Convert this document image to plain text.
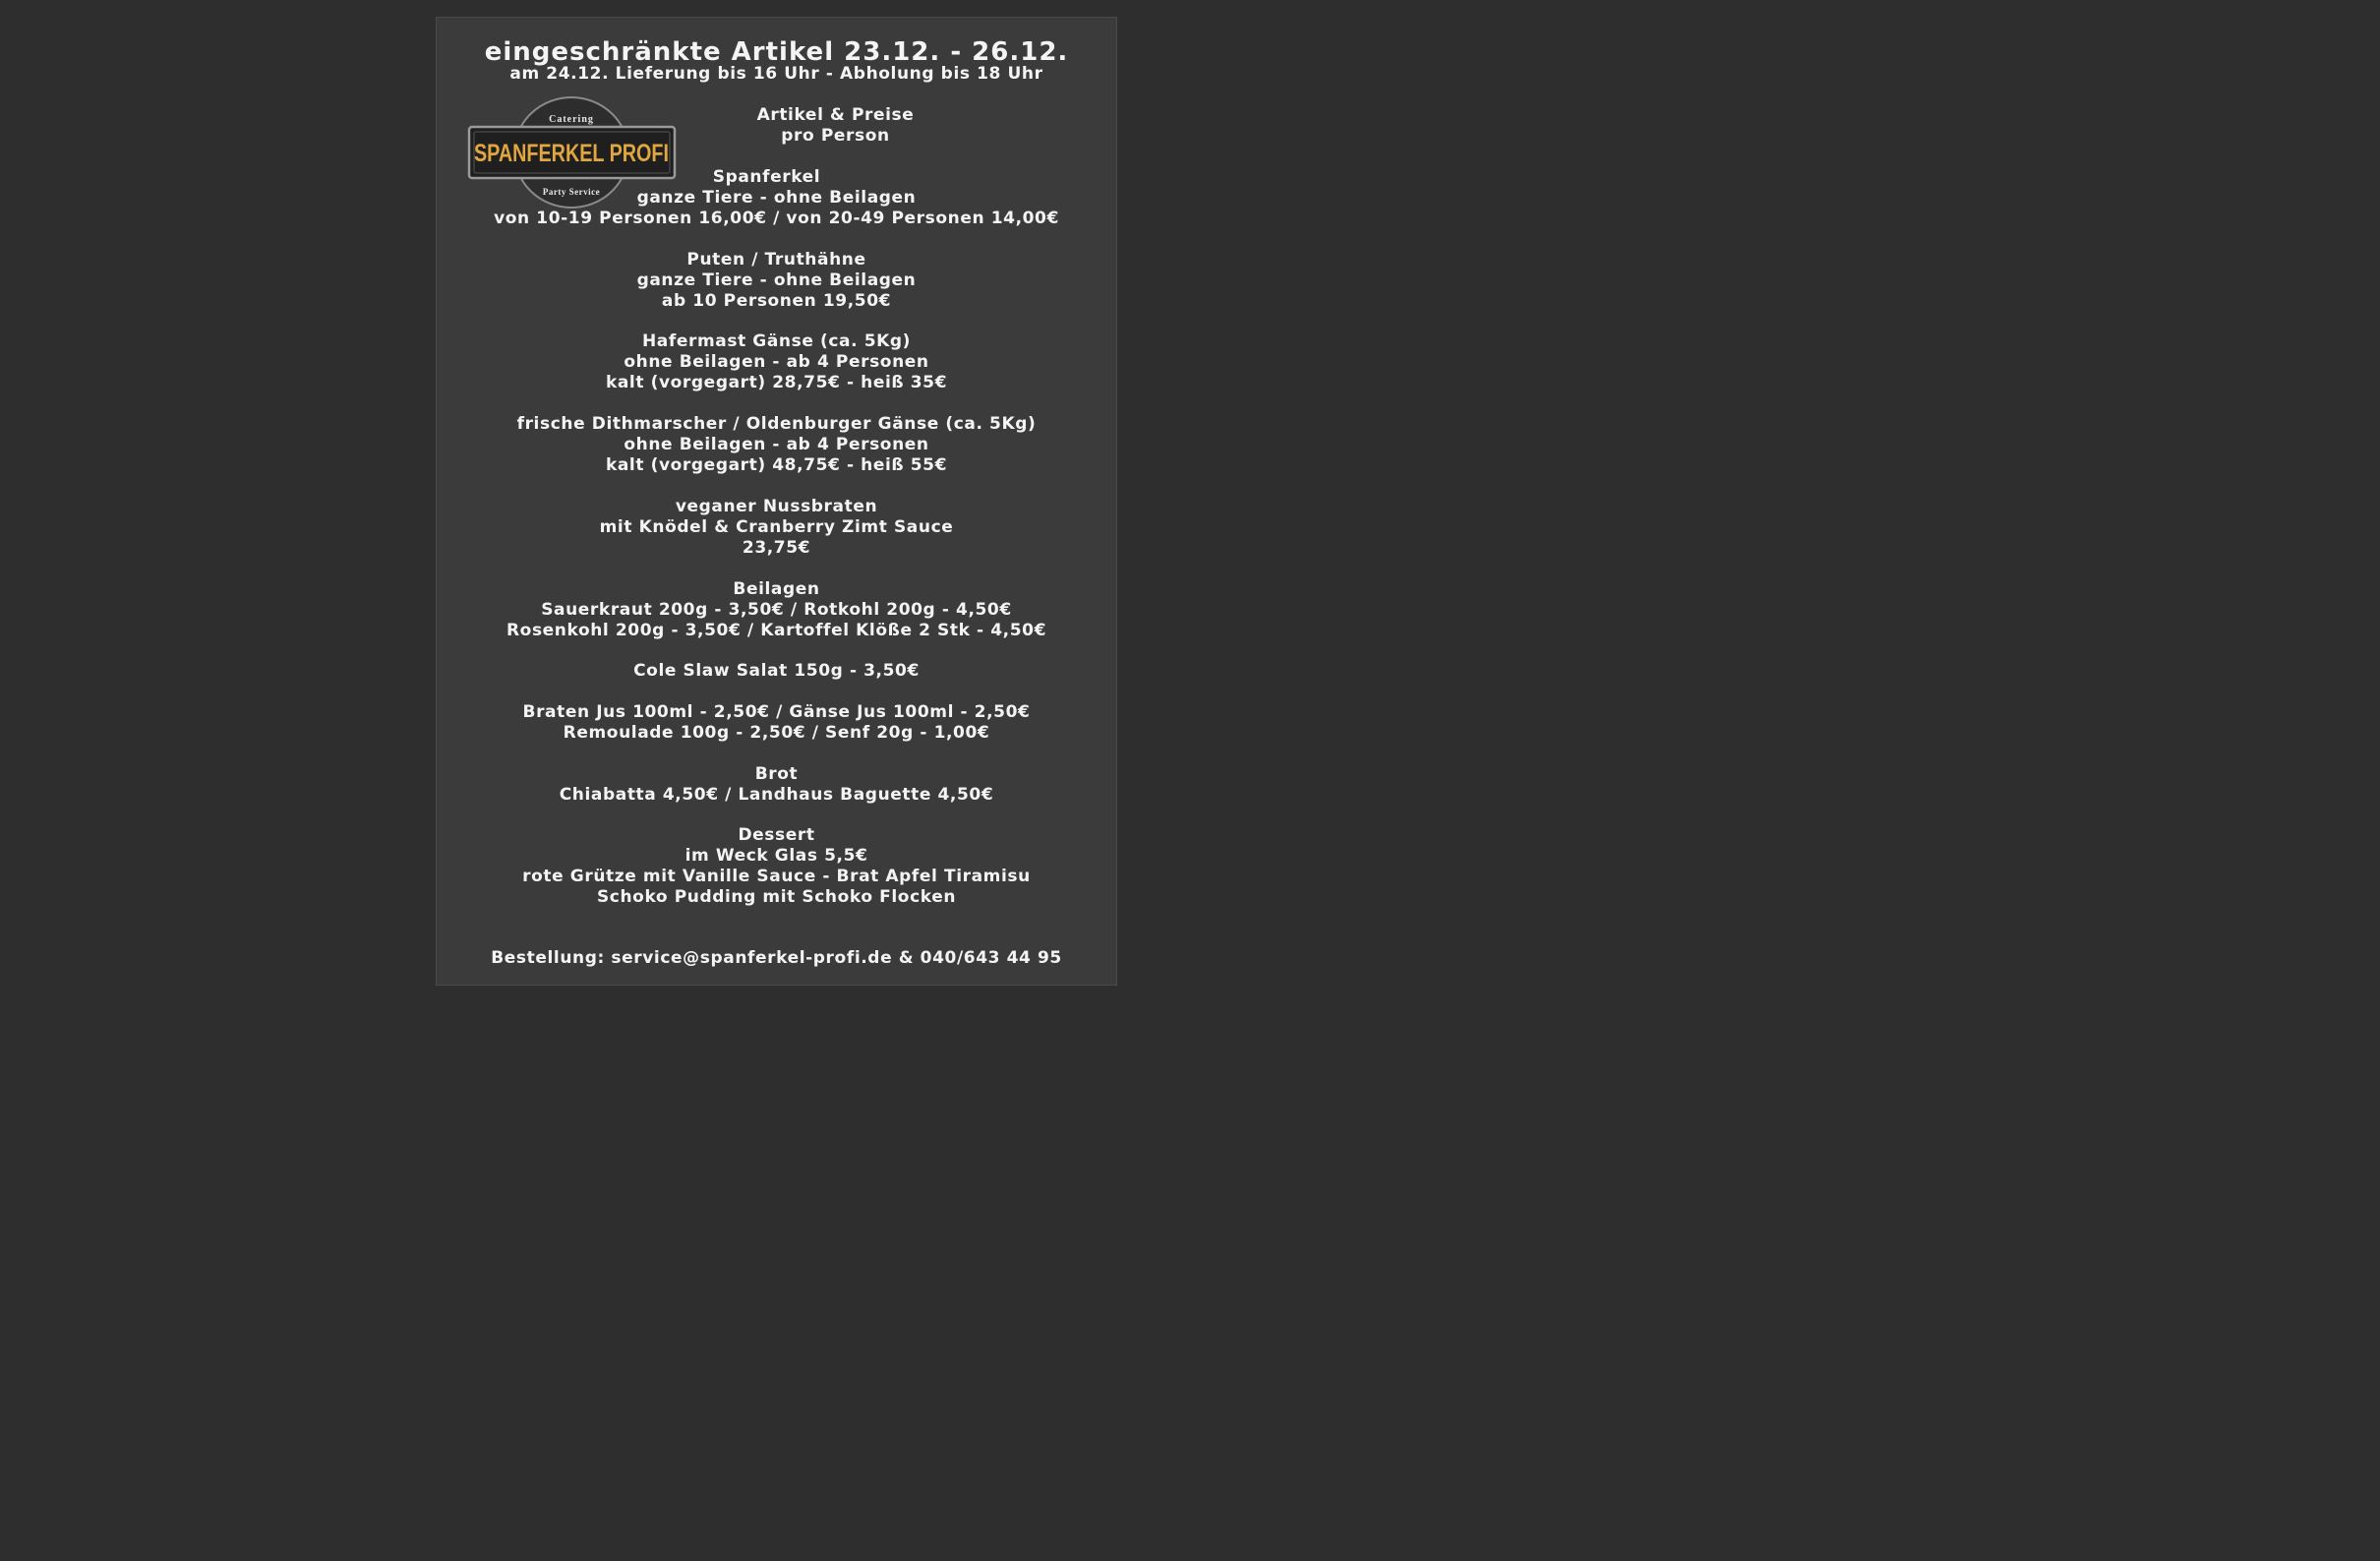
eingeschränkte Artikel 23.12. - 26.12.
am 24.12. Lieferung bis 16 Uhr - Abholung bis 18 Uhr
Catering
SPANFERKEL PROFI
Party Service
Artikel & Preise
pro Person
Spanferkel
ganze Tiere - ohne Beilagen
von 10-19 Personen 16,00€ / von 20-49 Personen 14,00€
Puten / Truthähne
ganze Tiere - ohne Beilagen
ab 10 Personen 19,50€
Hafermast Gänse (ca. 5Kg)
ohne Beilagen - ab 4 Personen
kalt (vorgegart) 28,75€ - heiß 35€
frische Dithmarscher / Oldenburger Gänse (ca. 5Kg)
ohne Beilagen - ab 4 Personen
kalt (vorgegart) 48,75€ - heiß 55€
veganer Nussbraten
mit Knödel & Cranberry Zimt Sauce
23,75€
Beilagen
Sauerkraut 200g - 3,50€ / Rotkohl 200g - 4,50€
Rosenkohl 200g - 3,50€ / Kartoffel Klöße 2 Stk - 4,50€
Cole Slaw Salat 150g - 3,50€
Braten Jus 100ml - 2,50€ / Gänse Jus 100ml - 2,50€
Remoulade 100g - 2,50€ / Senf 20g - 1,00€
Brot
Chiabatta 4,50€ / Landhaus Baguette 4,50€
Dessert
im Weck Glas 5,5€
rote Grütze mit Vanille Sauce - Brat Apfel Tiramisu
Schoko Pudding mit Schoko Flocken
Bestellung: service@spanferkel-profi.de & 040/643 44 95
